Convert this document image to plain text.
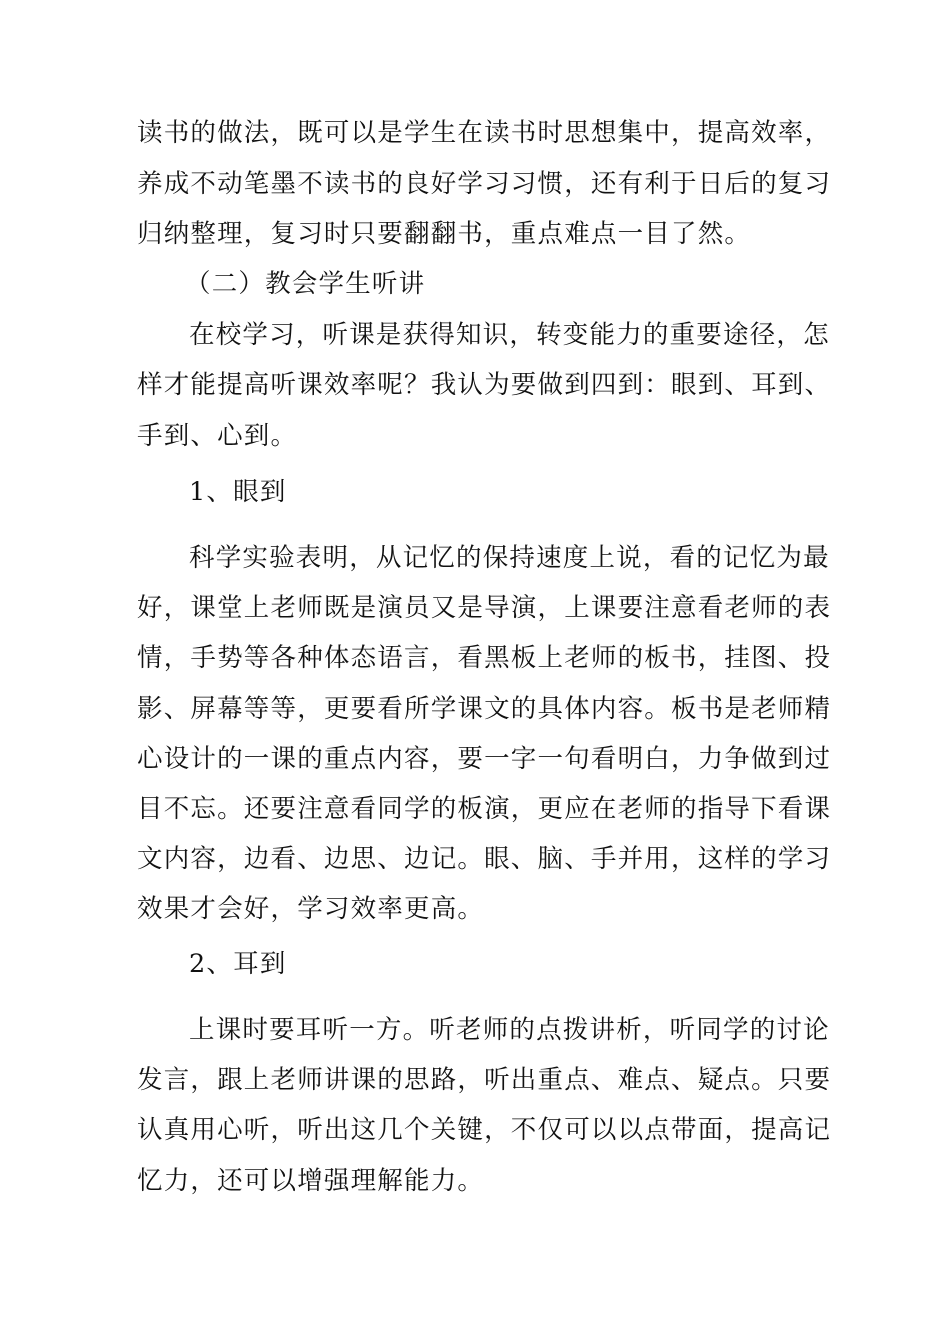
读书的做法，既可以是学生在读书时思想集中，提高效率，
养成不动笔墨不读书的良好学习习惯，还有利于日后的复习
归纳整理，复习时只要翻翻书，重点难点一目了然。
（二）教会学生听讲
在校学习，听课是获得知识，转变能力的重要途径，怎
样才能提高听课效率呢？我认为要做到四到：眼到、耳到、
手到、心到。
1、眼到
科学实验表明，从记忆的保持速度上说，看的记忆为最
好，课堂上老师既是演员又是导演，上课要注意看老师的表
情，手势等各种体态语言，看黑板上老师的板书，挂图、投
影、屏幕等等，更要看所学课文的具体内容。板书是老师精
心设计的一课的重点内容，要一字一句看明白，力争做到过
目不忘。还要注意看同学的板演，更应在老师的指导下看课
文内容，边看、边思、边记。眼、脑、手并用，这样的学习
效果才会好，学习效率更高。
2、耳到
上课时要耳听一方。听老师的点拨讲析，听同学的讨论
发言，跟上老师讲课的思路，听出重点、难点、疑点。只要
认真用心听，听出这几个关键，不仅可以以点带面，提高记
忆力，还可以增强理解能力。
